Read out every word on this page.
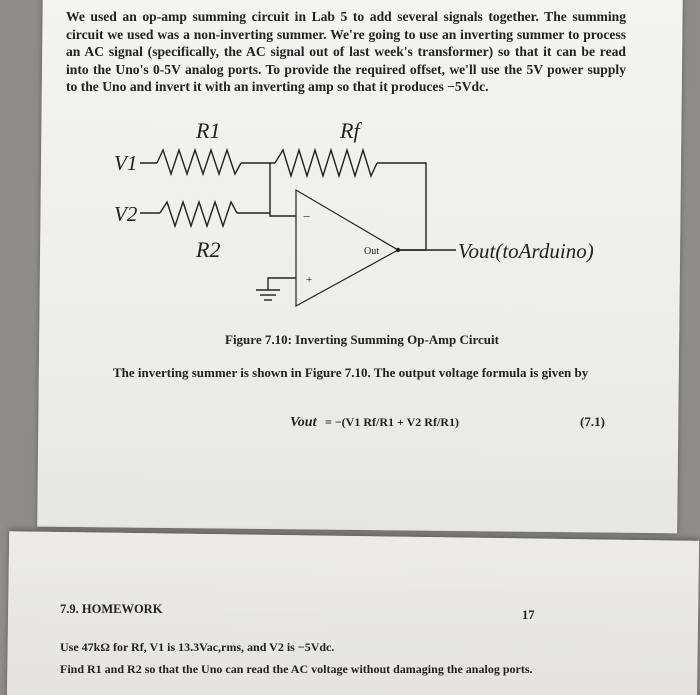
We used an op-amp summing circuit in Lab 5 to add several signals together. The summing circuit we used was a non-inverting summer. We're going to use an inverting summer to process an AC signal (specifically, the AC signal out of last week's transformer) so that it can be read into the Uno's 0-5V analog ports. To provide the required offset, we'll use the 5V power supply to the Uno and invert it with an inverting amp so that it produces −5Vdc.

V1
V2
R1
R2
Rf
Out
−
+
Vout(toArduino)
Figure 7.10: Inverting Summing Op-Amp Circuit
The inverting summer is shown in Figure 7.10. The output voltage formula is given by
Vout = −(V1 Rf/R1 + V2 Rf/R1)	(7.1)
7.9. HOMEWORK	17
Use 47kΩ for Rf, V1 is 13.3Vac,rms, and V2 is −5Vdc.
Find R1 and R2 so that the Uno can read the AC voltage without damaging the analog ports.
